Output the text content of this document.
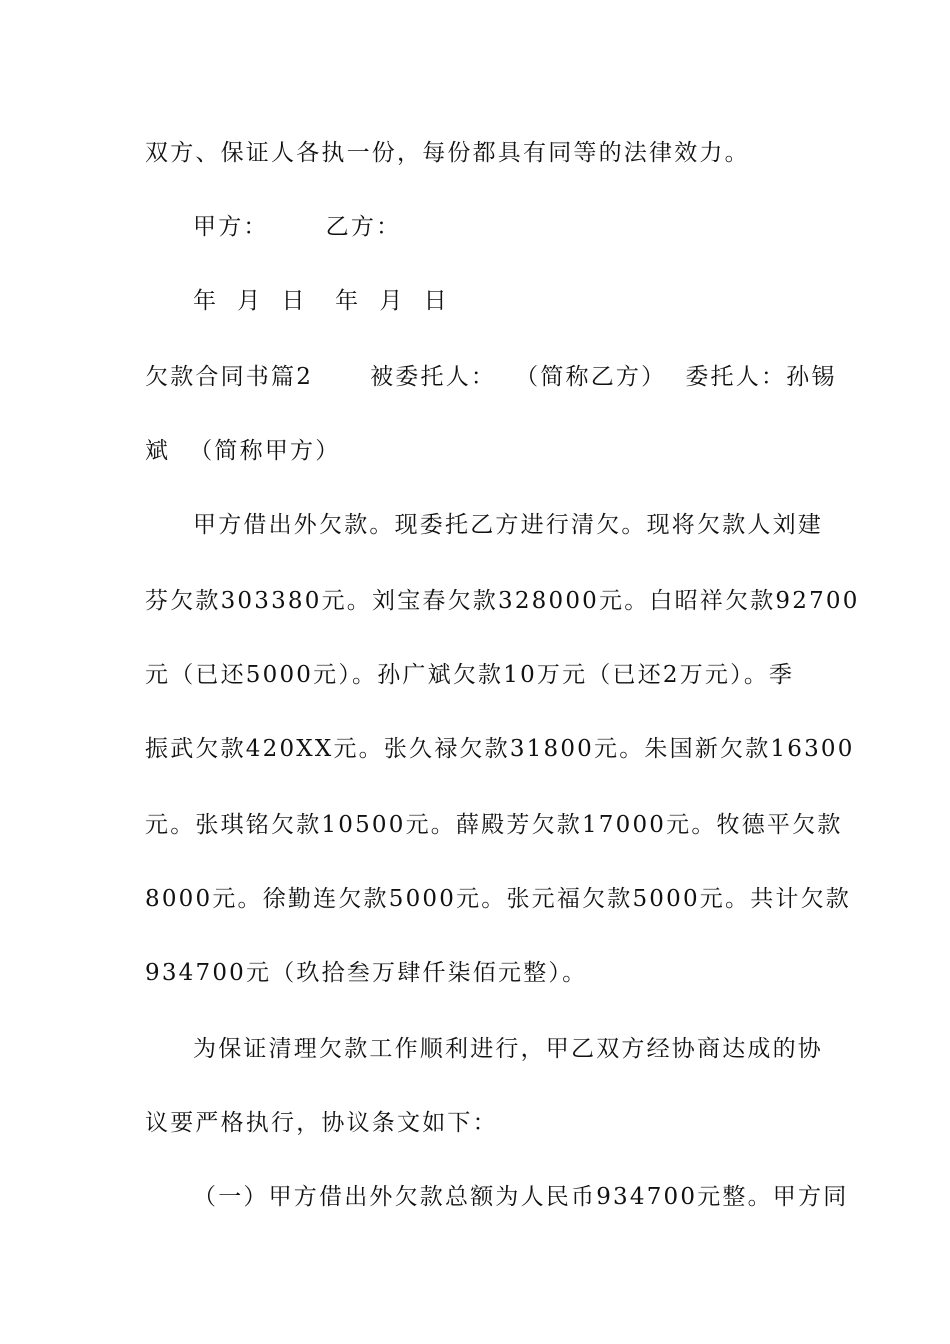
双方、保证人各执一份，每份都具有同等的法律效力。
甲方：      乙方：
年  月  日   年  月  日
欠款合同书篇2      被委托人：  （简称乙方）  委托人：孙锡
斌  （简称甲方）
甲方借出外欠款。现委托乙方进行清欠。现将欠款人刘建
芬欠款303380元。刘宝春欠款328000元。白昭祥欠款92700
元（已还5000元）。孙广斌欠款10万元（已还2万元）。季
振武欠款420XX元。张久禄欠款31800元。朱国新欠款16300
元。张琪铭欠款10500元。薛殿芳欠款17000元。牧德平欠款
8000元。徐勤连欠款5000元。张元福欠款5000元。共计欠款
934700元（玖拾叁万肆仟柒佰元整）。
为保证清理欠款工作顺利进行，甲乙双方经协商达成的协
议要严格执行，协议条文如下：
（一）甲方借出外欠款总额为人民币934700元整。甲方同
